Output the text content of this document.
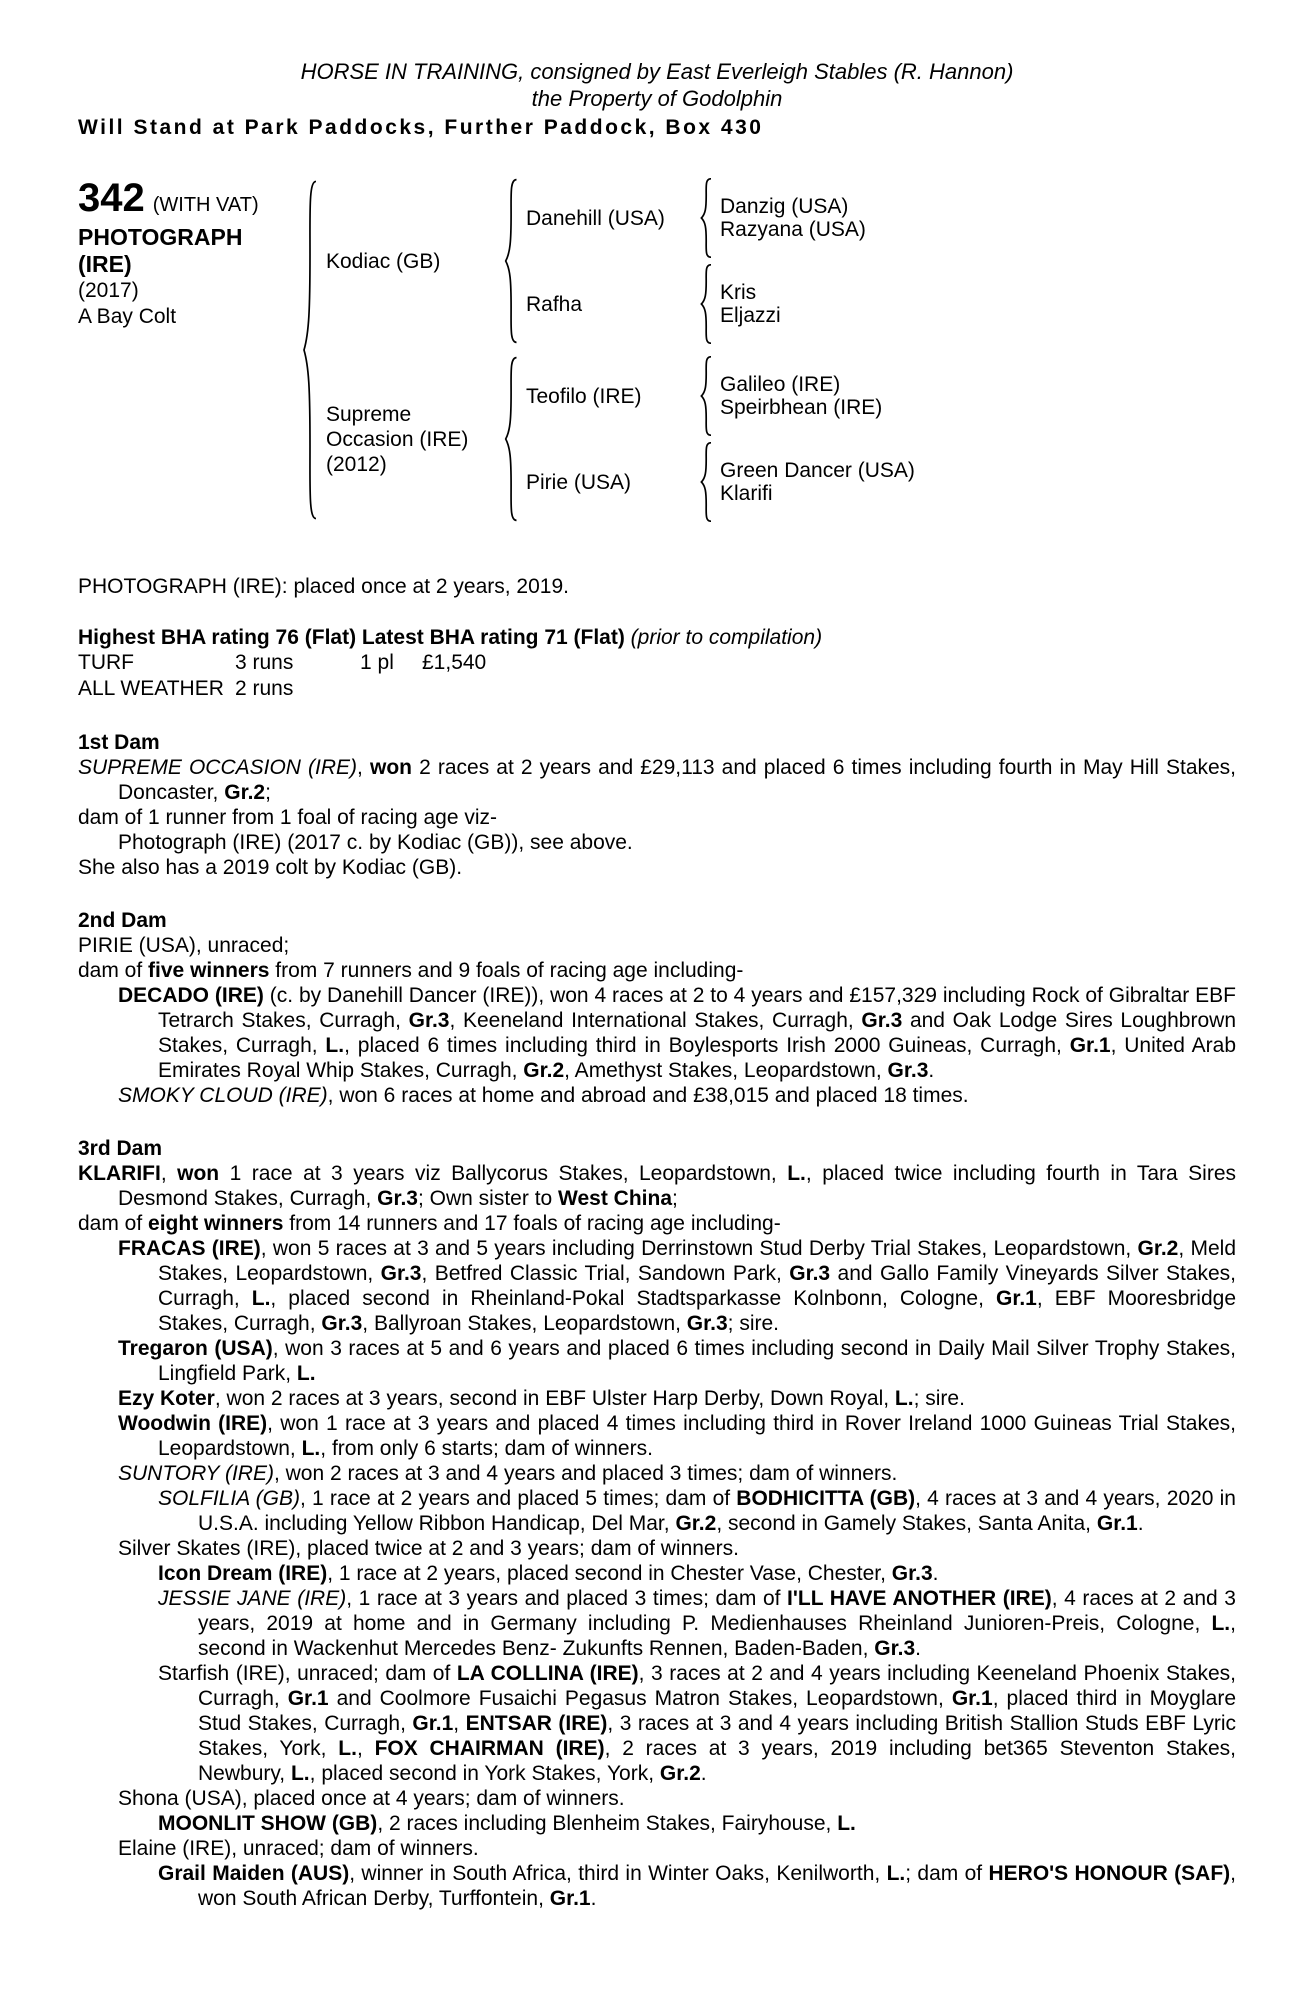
HORSE IN TRAINING, consigned by East Everleigh Stables (R. Hannon)
the Property of Godolphin
Will Stand at Park Paddocks, Further Paddock, Box 430
342 (WITH VAT)
PHOTOGRAPH
(IRE)
(2017)
A Bay Colt
Kodiac (GB)
Danehill (USA)	Danzig (USA)
Razyana (USA)
Rafha	Kris
Eljazzi
Supreme Occasion (IRE)
(2012)
Teofilo (IRE)	Galileo (IRE)
Speirbhean (IRE)
Pirie (USA)	Green Dancer (USA)
Klarifi
PHOTOGRAPH (IRE): placed once at 2 years, 2019.
Highest BHA rating 76 (Flat) Latest BHA rating 71 (Flat) (prior to compilation)
TURF	3 runs	1 pl	£1,540
ALL WEATHER 2 runs
1st Dam
SUPREME OCCASION (IRE), won 2 races at 2 years and £29,113 and placed 6 times including fourth in May Hill Stakes, Doncaster, Gr.2;
dam of 1 runner from 1 foal of racing age viz-
Photograph (IRE) (2017 c. by Kodiac (GB)), see above.
She also has a 2019 colt by Kodiac (GB).
2nd Dam
PIRIE (USA), unraced;
dam of five winners from 7 runners and 9 foals of racing age including-
DECADO (IRE) (c. by Danehill Dancer (IRE)), won 4 races at 2 to 4 years and £157,329 including Rock of Gibraltar EBF Tetrarch Stakes, Curragh, Gr.3, Keeneland International Stakes, Curragh, Gr.3 and Oak Lodge Sires Loughbrown Stakes, Curragh, L., placed 6 times including third in Boylesports Irish 2000 Guineas, Curragh, Gr.1, United Arab Emirates Royal Whip Stakes, Curragh, Gr.2, Amethyst Stakes, Leopardstown, Gr.3.
SMOKY CLOUD (IRE), won 6 races at home and abroad and £38,015 and placed 18 times.
3rd Dam
KLARIFI, won 1 race at 3 years viz Ballycorus Stakes, Leopardstown, L., placed twice including fourth in Tara Sires Desmond Stakes, Curragh, Gr.3; Own sister to West China;
dam of eight winners from 14 runners and 17 foals of racing age including-
FRACAS (IRE), won 5 races at 3 and 5 years including Derrinstown Stud Derby Trial Stakes, Leopardstown, Gr.2, Meld Stakes, Leopardstown, Gr.3, Betfred Classic Trial, Sandown Park, Gr.3 and Gallo Family Vineyards Silver Stakes, Curragh, L., placed second in Rheinland-Pokal Stadtsparkasse Kolnbonn, Cologne, Gr.1, EBF Mooresbridge Stakes, Curragh, Gr.3, Ballyroan Stakes, Leopardstown, Gr.3; sire.
Tregaron (USA), won 3 races at 5 and 6 years and placed 6 times including second in Daily Mail Silver Trophy Stakes, Lingfield Park, L.
Ezy Koter, won 2 races at 3 years, second in EBF Ulster Harp Derby, Down Royal, L.; sire.
Woodwin (IRE), won 1 race at 3 years and placed 4 times including third in Rover Ireland 1000 Guineas Trial Stakes, Leopardstown, L., from only 6 starts; dam of winners.
SUNTORY (IRE), won 2 races at 3 and 4 years and placed 3 times; dam of winners.
SOLFILIA (GB), 1 race at 2 years and placed 5 times; dam of BODHICITTA (GB), 4 races at 3 and 4 years, 2020 in U.S.A. including Yellow Ribbon Handicap, Del Mar, Gr.2, second in Gamely Stakes, Santa Anita, Gr.1.
Silver Skates (IRE), placed twice at 2 and 3 years; dam of winners.
Icon Dream (IRE), 1 race at 2 years, placed second in Chester Vase, Chester, Gr.3.
JESSIE JANE (IRE), 1 race at 3 years and placed 3 times; dam of I'LL HAVE ANOTHER (IRE), 4 races at 2 and 3 years, 2019 at home and in Germany including P. Medienhauses Rheinland Junioren-Preis, Cologne, L., second in Wackenhut Mercedes Benz- Zukunfts Rennen, Baden-Baden, Gr.3.
Starfish (IRE), unraced; dam of LA COLLINA (IRE), 3 races at 2 and 4 years including Keeneland Phoenix Stakes, Curragh, Gr.1 and Coolmore Fusaichi Pegasus Matron Stakes, Leopardstown, Gr.1, placed third in Moyglare Stud Stakes, Curragh, Gr.1, ENTSAR (IRE), 3 races at 3 and 4 years including British Stallion Studs EBF Lyric Stakes, York, L., FOX CHAIRMAN (IRE), 2 races at 3 years, 2019 including bet365 Steventon Stakes, Newbury, L., placed second in York Stakes, York, Gr.2.
Shona (USA), placed once at 4 years; dam of winners.
MOONLIT SHOW (GB), 2 races including Blenheim Stakes, Fairyhouse, L.
Elaine (IRE), unraced; dam of winners.
Grail Maiden (AUS), winner in South Africa, third in Winter Oaks, Kenilworth, L.; dam of HERO'S HONOUR (SAF), won South African Derby, Turffontein, Gr.1.
